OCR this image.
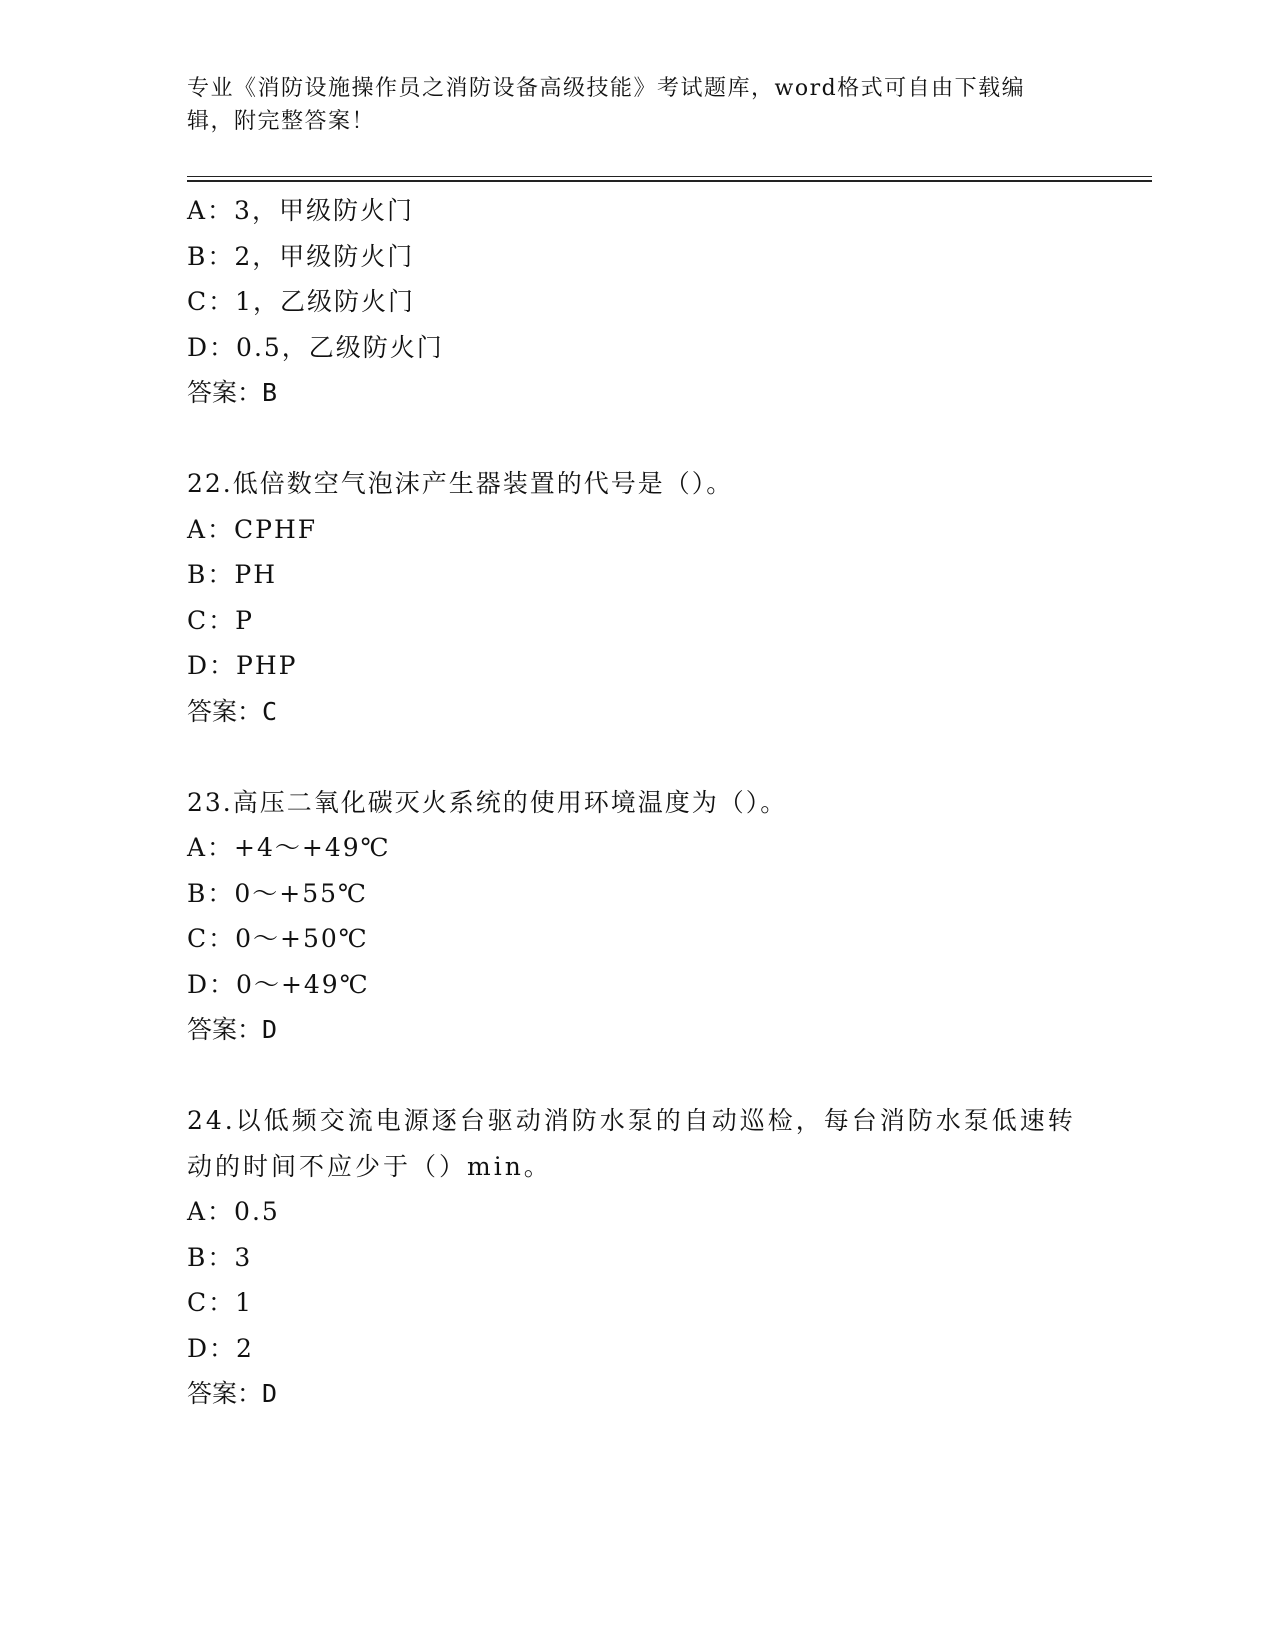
专业《消防设施操作员之消防设备高级技能》考试题库，word格式可自由下载编辑，附完整答案！
A：3，甲级防火门
B：2，甲级防火门
C：1，乙级防火门
D：0.5，乙级防火门
答案：B
22.低倍数空气泡沫产生器装置的代号是（）。
A：CPHF
B：PH
C：P
D：PHP
答案：C
23.高压二氧化碳灭火系统的使用环境温度为（）。
A：+4～+49℃
B：0～+55℃
C：0～+50℃
D：0～+49℃
答案：D
24.以低频交流电源逐台驱动消防水泵的自动巡检，每台消防水泵低速转动的时间不应少于（）min。
A：0.5
B：3
C：1
D：2
答案：D
